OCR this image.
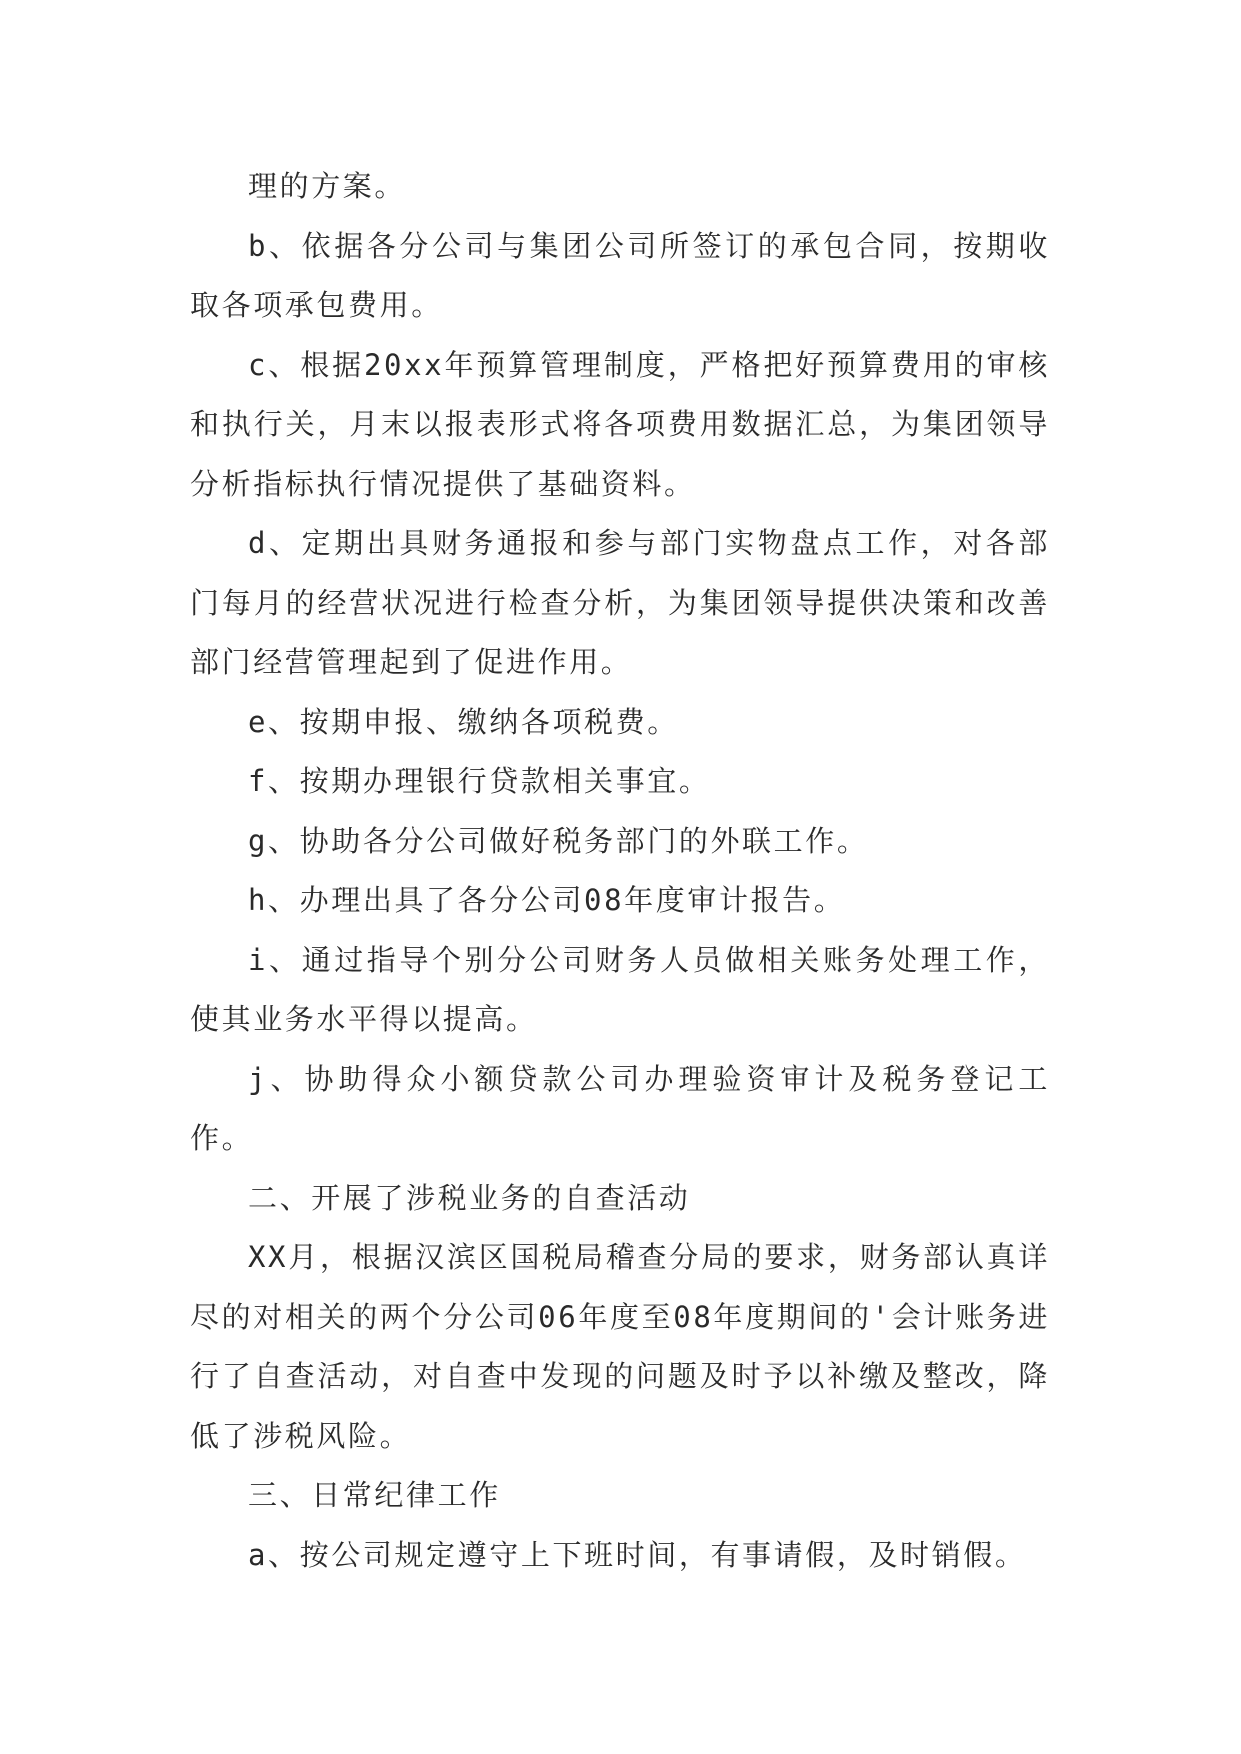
理的方案。

b、依据各分公司与集团公司所签订的承包合同，按期收取各项承包费用。

c、根据20xx年预算管理制度，严格把好预算费用的审核和执行关，月末以报表形式将各项费用数据汇总，为集团领导分析指标执行情况提供了基础资料。

d、定期出具财务通报和参与部门实物盘点工作，对各部门每月的经营状况进行检查分析，为集团领导提供决策和改善部门经营管理起到了促进作用。

e、按期申报、缴纳各项税费。

f、按期办理银行贷款相关事宜。

g、协助各分公司做好税务部门的外联工作。

h、办理出具了各分公司08年度审计报告。

i、通过指导个别分公司财务人员做相关账务处理工作，使其业务水平得以提高。

j、协助得众小额贷款公司办理验资审计及税务登记工作。

二、开展了涉税业务的自查活动

XX月，根据汉滨区国税局稽查分局的要求，财务部认真详尽的对相关的两个分公司06年度至08年度期间的'会计账务进行了自查活动，对自查中发现的问题及时予以补缴及整改，降低了涉税风险。

三、日常纪律工作

a、按公司规定遵守上下班时间，有事请假，及时销假。
